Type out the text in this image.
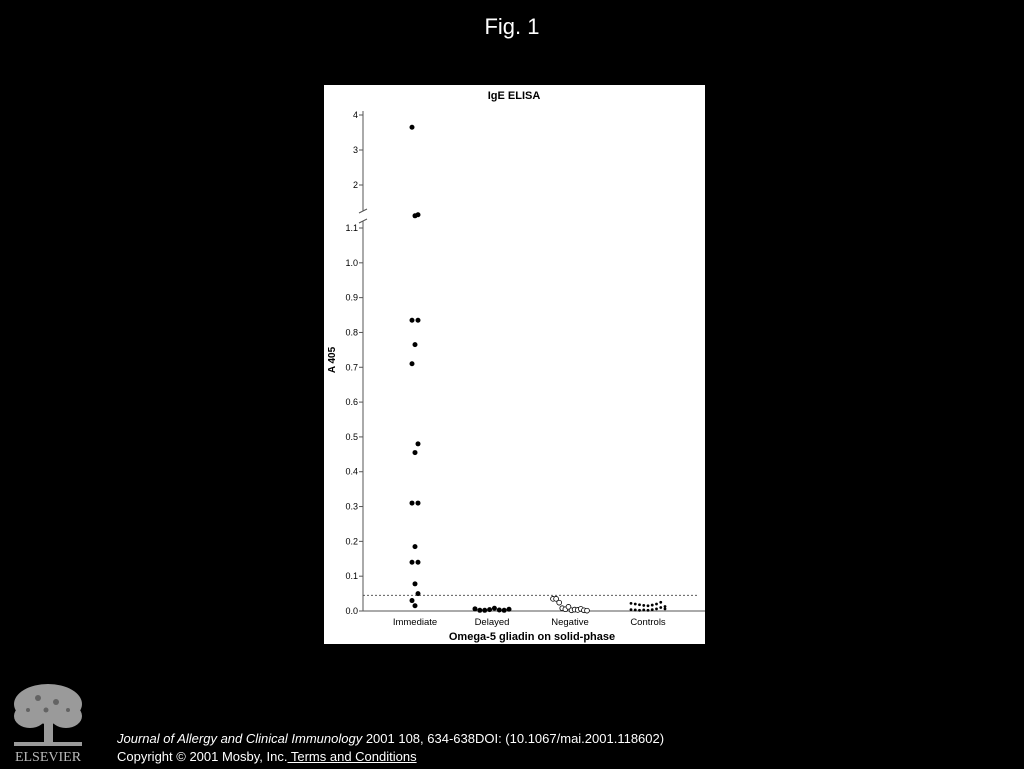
Fig. 1
IgE ELISA
0.0
0.1
0.2
0.3
0.4
0.5
0.6
0.7
0.8
0.9
1.0
1.1
2
3
4
Immediate	Delayed	Negative	Controls
A 405
Omega-5 gliadin on solid-phase
ELSEVIER
Journal of Allergy and Clinical Immunology 2001 108, 634-638DOI: (10.1067/mai.2001.118602)
Copyright © 2001 Mosby, Inc. Terms and Conditions
